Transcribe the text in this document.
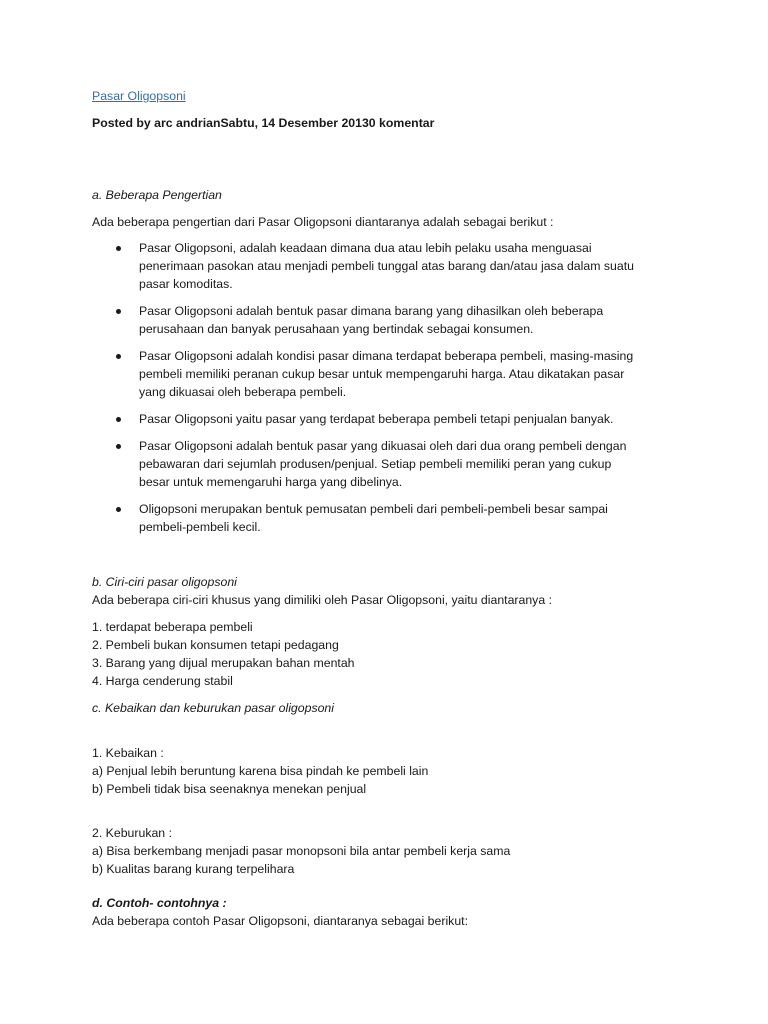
Pasar Oligopsoni
Posted by arc andrianSabtu, 14 Desember 20130 komentar
a. Beberapa Pengertian
Ada beberapa pengertian dari Pasar Oligopsoni diantaranya adalah sebagai berikut :
Pasar Oligopsoni, adalah keadaan dimana dua atau lebih pelaku usaha menguasai
penerimaan pasokan atau menjadi pembeli tunggal atas barang dan/atau jasa dalam suatu
pasar komoditas.
Pasar Oligopsoni adalah bentuk pasar dimana barang yang dihasilkan oleh beberapa
perusahaan dan banyak perusahaan yang bertindak sebagai konsumen.
Pasar Oligopsoni adalah kondisi pasar dimana terdapat beberapa pembeli, masing-masing
pembeli memiliki peranan cukup besar untuk mempengaruhi harga. Atau dikatakan pasar
yang dikuasai oleh beberapa pembeli.
Pasar Oligopsoni yaitu pasar yang terdapat beberapa pembeli tetapi penjualan banyak.
Pasar Oligopsoni adalah bentuk pasar yang dikuasai oleh dari dua orang pembeli dengan
pebawaran dari sejumlah produsen/penjual. Setiap pembeli memiliki peran yang cukup
besar untuk memengaruhi harga yang dibelinya.
Oligopsoni merupakan bentuk pemusatan pembeli dari pembeli-pembeli besar sampai
pembeli-pembeli kecil.
b. Ciri-ciri pasar oligopsoni
Ada beberapa ciri-ciri khusus yang dimiliki oleh Pasar Oligopsoni, yaitu diantaranya :
1. terdapat beberapa pembeli
2. Pembeli bukan konsumen tetapi pedagang
3. Barang yang dijual merupakan bahan mentah
4. Harga cenderung stabil
c. Kebaikan dan keburukan pasar oligopsoni
1. Kebaikan :
a) Penjual lebih beruntung karena bisa pindah ke pembeli lain
b) Pembeli tidak bisa seenaknya menekan penjual
2. Keburukan :
a) Bisa berkembang menjadi pasar monopsoni bila antar pembeli kerja sama
b) Kualitas barang kurang terpelihara
d. Contoh- contohnya :
Ada beberapa contoh Pasar Oligopsoni, diantaranya sebagai berikut:
